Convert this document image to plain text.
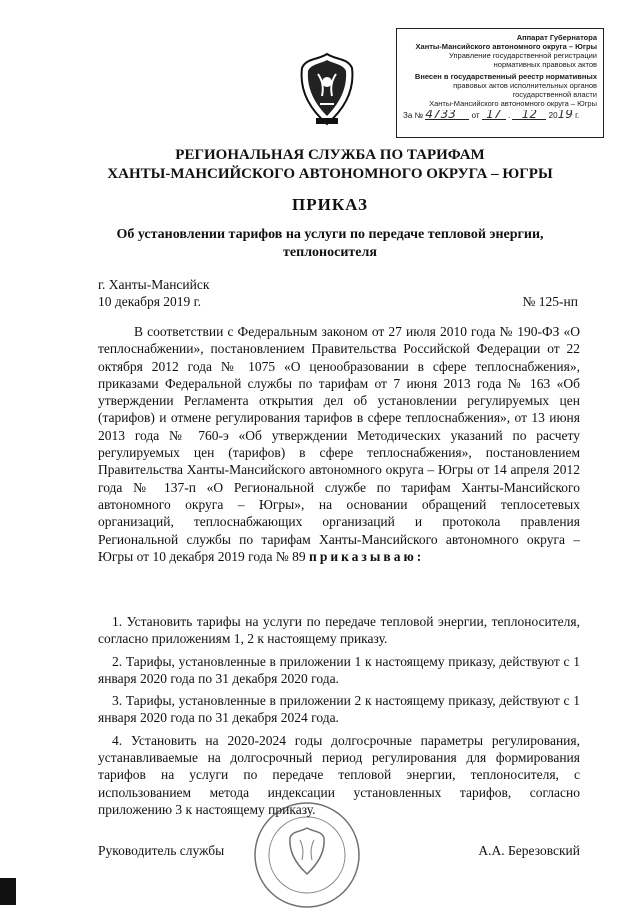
Аппарат Губернатора
Ханты-Мансийского автономного округа – Югры
Управление государственной регистрации
нормативных правовых актов
Внесен в государственный реестр нормативных
правовых актов исполнительных органов
государственной власти
Ханты-Мансийского автономного округа – Югры
За № 4733 от 17 . 12 2019 г.
РЕГИОНАЛЬНАЯ СЛУЖБА ПО ТАРИФАМ
ХАНТЫ-МАНСИЙСКОГО АВТОНОМНОГО ОКРУГА – ЮГРЫ
ПРИКАЗ
Об установлении тарифов на услуги по передаче тепловой энергии, теплоносителя
г. Ханты-Мансийск
10 декабря 2019 г.	№ 125-нп
В соответствии с Федеральным законом от 27 июля 2010 года № 190-ФЗ «О теплоснабжении», постановлением Правительства Российской Федерации от 22 октября 2012 года № 1075 «О ценообразовании в сфере теплоснабжения», приказами Федеральной службы по тарифам от 7 июня 2013 года № 163 «Об утверждении Регламента открытия дел об установлении регулируемых цен (тарифов) и отмене регулирования тарифов в сфере теплоснабжения», от 13 июня 2013 года № 760-э «Об утверждении Методических указаний по расчету регулируемых цен (тарифов) в сфере теплоснабжения», постановлением Правительства Ханты-Мансийского автономного округа – Югры от 14 апреля 2012 года № 137-п «О Региональной службе по тарифам Ханты-Мансийского автономного округа – Югры», на основании обращений теплосетевых организаций, теплоснабжающих организаций и протокола правления Региональной службы по тарифам Ханты-Мансийского автономного округа – Югры от 10 декабря 2019 года № 89 приказываю:

1. Установить тарифы на услуги по передаче тепловой энергии, теплоносителя, согласно приложениям 1, 2 к настоящему приказу.

2. Тарифы, установленные в приложении 1 к настоящему приказу, действуют с 1 января 2020 года по 31 декабря 2020 года.

3. Тарифы, установленные в приложении 2 к настоящему приказу, действуют с 1 января 2020 года по 31 декабря 2024 года.

4. Установить на 2020-2024 годы долгосрочные параметры регулирования, устанавливаемые на долгосрочный период регулирования для формирования тарифов на услуги по передаче тепловой энергии, теплоносителя, с использованием метода индексации установленных тарифов, согласно приложению 3 к настоящему приказу.

Руководитель службы	А.А. Березовский
